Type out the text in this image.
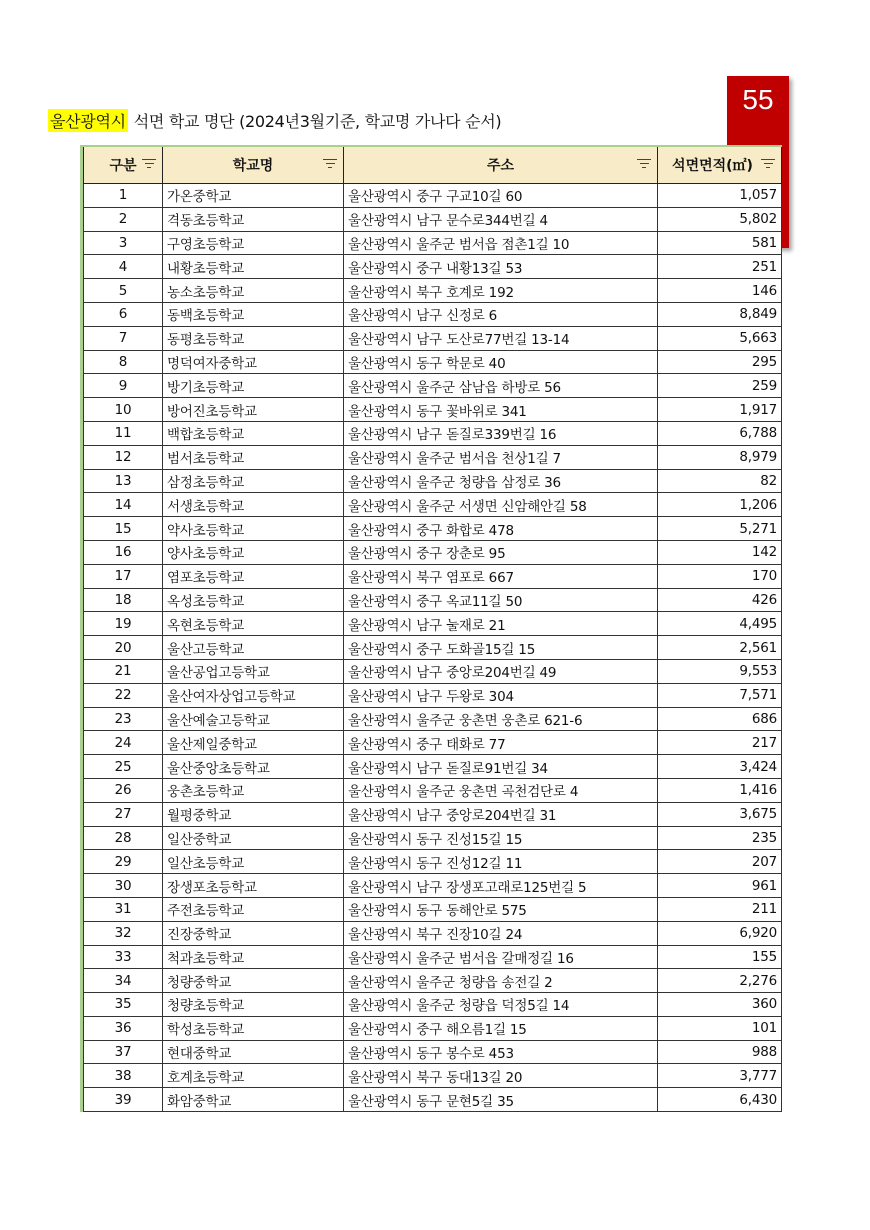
울산광역시 석면 학교 명단 (2024년3월기준, 학교명 가나다 순서)
55
구분	학교명	주소	석면면적(㎡)

1	가온중학교	울산광역시 중구 구교10길 60	1,057
2	격동초등학교	울산광역시 남구 문수로344번길 4	5,802
3	구영초등학교	울산광역시 울주군 범서읍 점촌1길 10	581
4	내황초등학교	울산광역시 중구 내황13길 53	251
5	농소초등학교	울산광역시 북구 호계로 192	146
6	동백초등학교	울산광역시 남구 신정로 6	8,849
7	동평초등학교	울산광역시 남구 도산로77번길 13-14	5,663
8	명덕여자중학교	울산광역시 동구 학문로 40	295
9	방기초등학교	울산광역시 울주군 삼남읍 하방로 56	259
10	방어진초등학교	울산광역시 동구 꽃바위로 341	1,917
11	백합초등학교	울산광역시 남구 돋질로339번길 16	6,788
12	범서초등학교	울산광역시 울주군 범서읍 천상1길 7	8,979
13	삼정초등학교	울산광역시 울주군 청량읍 삼정로 36	82
14	서생초등학교	울산광역시 울주군 서생면 신암해안길 58	1,206
15	약사초등학교	울산광역시 중구 화합로 478	5,271
16	양사초등학교	울산광역시 중구 장춘로 95	142
17	염포초등학교	울산광역시 북구 염포로 667	170
18	옥성초등학교	울산광역시 중구 옥교11길 50	426
19	옥현초등학교	울산광역시 남구 눌재로 21	4,495
20	울산고등학교	울산광역시 중구 도화골15길 15	2,561
21	울산공업고등학교	울산광역시 남구 중앙로204번길 49	9,553
22	울산여자상업고등학교	울산광역시 남구 두왕로 304	7,571
23	울산예술고등학교	울산광역시 울주군 웅촌면 웅촌로 621-6	686
24	울산제일중학교	울산광역시 중구 태화로 77	217
25	울산중앙초등학교	울산광역시 남구 돋질로91번길 34	3,424
26	웅촌초등학교	울산광역시 울주군 웅촌면 곡천검단로 4	1,416
27	월평중학교	울산광역시 남구 중앙로204번길 31	3,675
28	일산중학교	울산광역시 동구 진성15길 15	235
29	일산초등학교	울산광역시 동구 진성12길 11	207
30	장생포초등학교	울산광역시 남구 장생포고래로125번길 5	961
31	주전초등학교	울산광역시 동구 동해안로 575	211
32	진장중학교	울산광역시 북구 진장10길 24	6,920
33	척과초등학교	울산광역시 울주군 범서읍 갈매정길 16	155
34	청량중학교	울산광역시 울주군 청량읍 송전길 2	2,276
35	청량초등학교	울산광역시 울주군 청량읍 덕정5길 14	360
36	학성초등학교	울산광역시 중구 해오름1길 15	101
37	현대중학교	울산광역시 동구 봉수로 453	988
38	호계초등학교	울산광역시 북구 동대13길 20	3,777
39	화암중학교	울산광역시 동구 문현5길 35	6,430
